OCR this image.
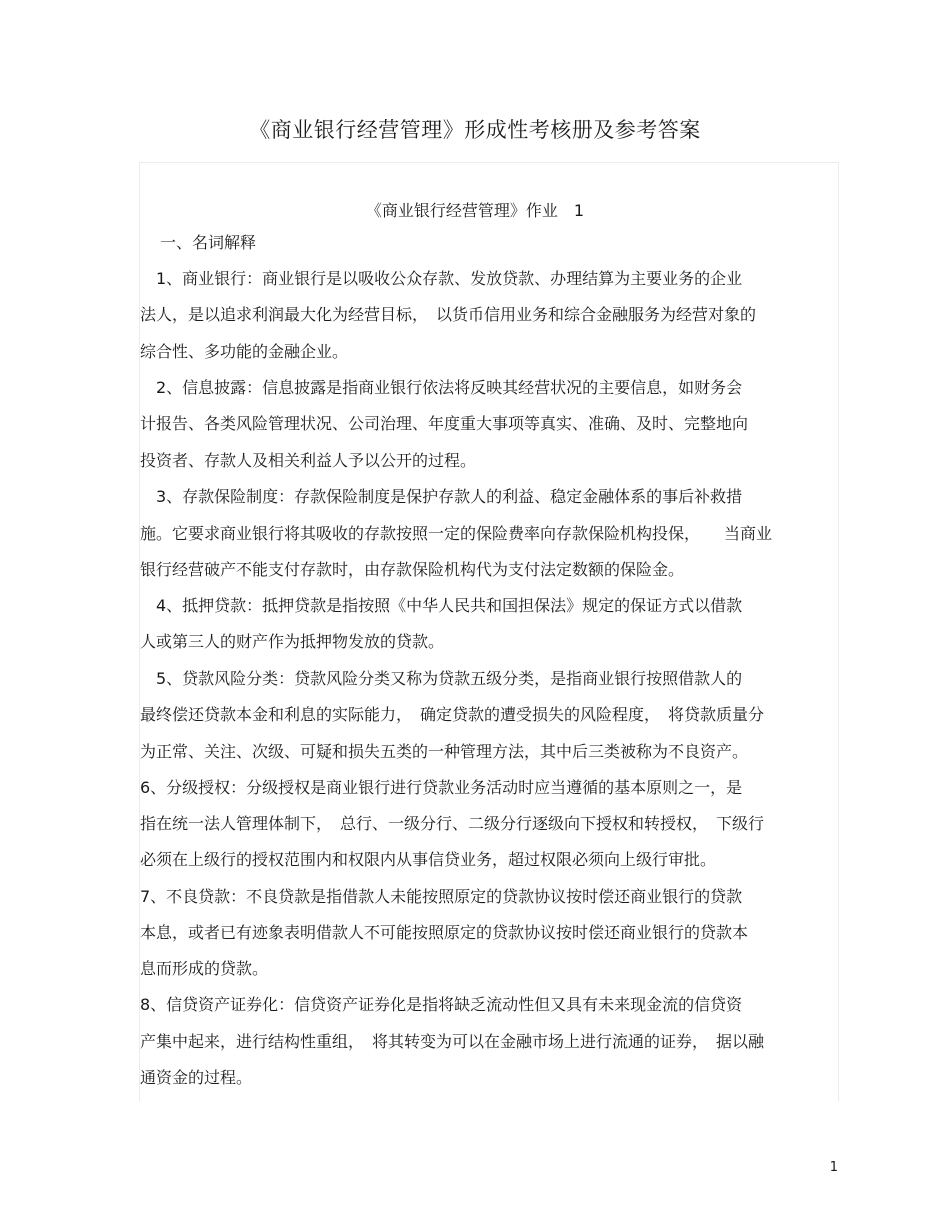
《商业银行经营管理》形成性考核册及参考答案
《商业银行经营管理》作业　1
一、名词解释
　1、商业银行：商业银行是以吸收公众存款、发放贷款、办理结算为主要业务的企业
法人，是以追求利润最大化为经营目标，　以货币信用业务和综合金融服务为经营对象的
综合性、多功能的金融企业。
　2、信息披露：信息披露是指商业银行依法将反映其经营状况的主要信息，如财务会
计报告、各类风险管理状况、公司治理、年度重大事项等真实、准确、及时、完整地向
投资者、存款人及相关利益人予以公开的过程。
　3、存款保险制度：存款保险制度是保护存款人的利益、稳定金融体系的事后补救措
施。它要求商业银行将其吸收的存款按照一定的保险费率向存款保险机构投保，　　当商业
银行经营破产不能支付存款时，由存款保险机构代为支付法定数额的保险金。
　4、抵押贷款：抵押贷款是指按照《中华人民共和国担保法》规定的保证方式以借款
人或第三人的财产作为抵押物发放的贷款。
　5、贷款风险分类：贷款风险分类又称为贷款五级分类，是指商业银行按照借款人的
最终偿还贷款本金和利息的实际能力，　确定贷款的遭受损失的风险程度，　将贷款质量分
为正常、关注、次级、可疑和损失五类的一种管理方法，其中后三类被称为不良资产。
6、分级授权：分级授权是商业银行进行贷款业务活动时应当遵循的基本原则之一，是
指在统一法人管理体制下，　总行、一级分行、二级分行逐级向下授权和转授权，　下级行
必须在上级行的授权范围内和权限内从事信贷业务，超过权限必须向上级行审批。
7、不良贷款：不良贷款是指借款人未能按照原定的贷款协议按时偿还商业银行的贷款
本息，或者已有迹象表明借款人不可能按照原定的贷款协议按时偿还商业银行的贷款本
息而形成的贷款。
8、信贷资产证券化：信贷资产证券化是指将缺乏流动性但又具有未来现金流的信贷资
产集中起来，进行结构性重组，　将其转变为可以在金融市场上进行流通的证券，　据以融
通资金的过程。
1
